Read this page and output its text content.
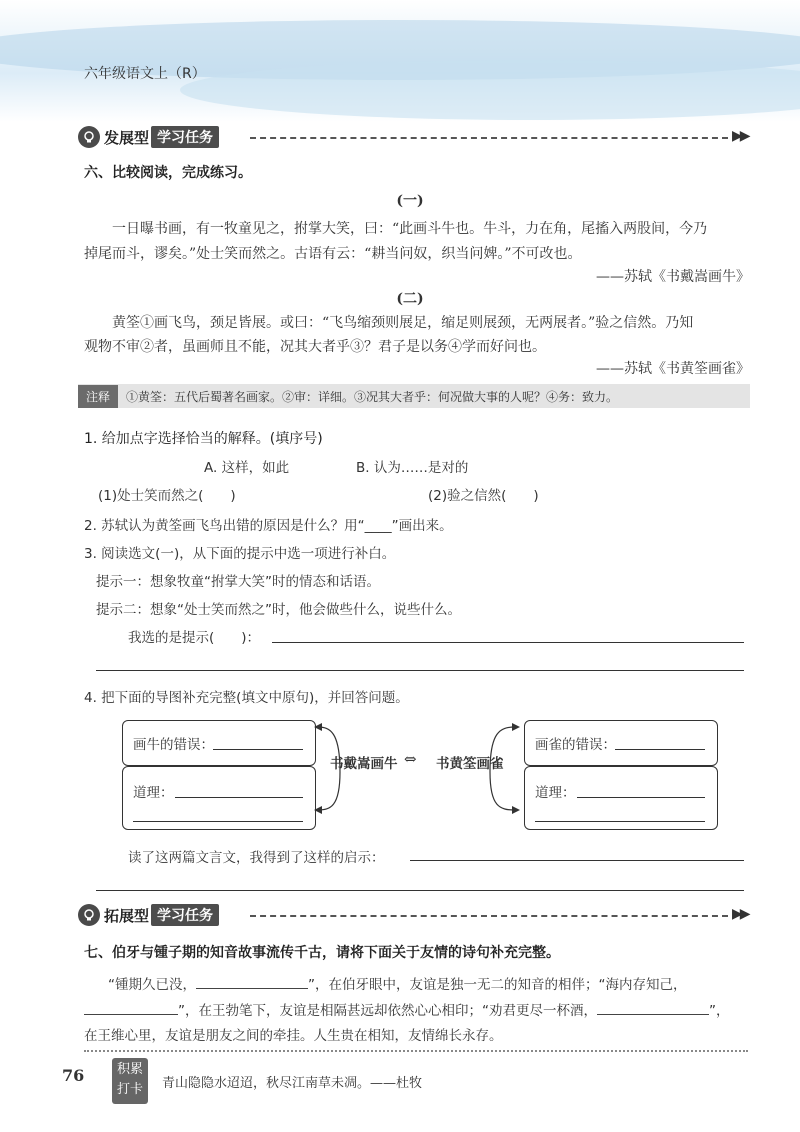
六年级语文上（R）
发展型 学习任务	▶▶
六、比较阅读，完成练习。
(一)
一日曝书画，有一牧童见之，拊掌大笑，曰：“此画斗牛也。牛斗，力在角，尾搐入两股间，今乃
掉尾而斗，谬矣。”处士笑而然之。古语有云：“耕当问奴，织当问婢。”不可改也。
——苏轼《书戴嵩画牛》
(二)
黄筌①画飞鸟，颈足皆展。或曰：“飞鸟缩颈则展足，缩足则展颈，无两展者。”验之信然。乃知
观物不审②者，虽画师且不能，况其大者乎③？君子是以务④学而好问也。
——苏轼《书黄筌画雀》
注释	①黄筌：五代后蜀著名画家。②审：详细。③况其大者乎：何况做大事的人呢？④务：致力。
1. 给加点字选择恰当的解释。(填序号)
A. 这样，如此	B. 认为……是对的
(1)处士笑而然之(　　)	(2)验之信然(　　)
2. 苏轼认为黄筌画飞鸟出错的原因是什么？用“____”画出来。
3. 阅读选文(一)，从下面的提示中选一项进行补白。
提示一：想象牧童“拊掌大笑”时的情态和话语。
提示二：想象“处士笑而然之”时，他会做些什么，说些什么。
我选的是提示(　　)：
4. 把下面的导图补充完整(填文中原句)，并回答问题。
画牛的错误：
道理：
书戴嵩画牛 ⇔ 书黄筌画雀
画雀的错误：
道理：
读了这两篇文言文，我得到了这样的启示：
拓展型 学习任务	▶▶
七、伯牙与锺子期的知音故事流传千古，请将下面关于友情的诗句补充完整。
“锺期久已没，	”，在伯牙眼中，友谊是独一无二的知音的相伴；“海内存知己，
”，在王勃笔下，友谊是相隔甚远却依然心心相印；“劝君更尽一杯酒，	”，
在王维心里，友谊是朋友之间的牵挂。人生贵在相知，友情绵长永存。
76	积累
打卡	青山隐隐水迢迢，秋尽江南草未凋。——杜牧
